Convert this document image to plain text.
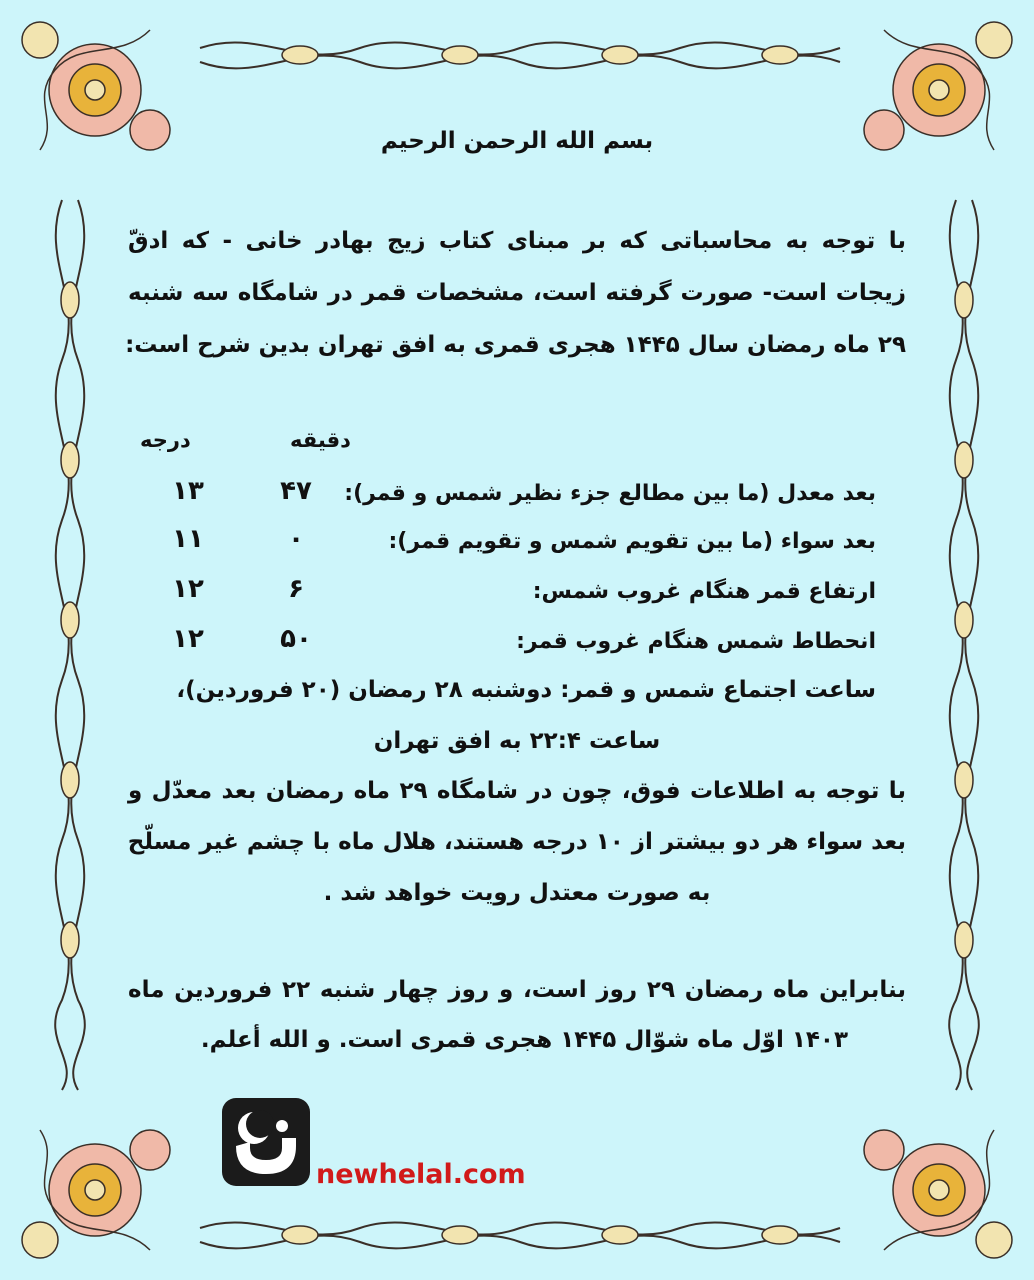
بسم الله الرحمن الرحیم
با توجه به محاسباتی که بر مبنای کتاب زیج بهادر خانی - که ادقّ
زیجات است- صورت گرفته است، مشخصات قمر در شامگاه سه شنبه
۲۹ ماه رمضان سال ۱۴۴۵ هجری قمری به افق تهران بدین شرح است:
درجه	دقیقه
بعد معدل (ما بین مطالع جزء نظیر شمس و قمر):
۴۷
۱۳
بعد سواء (ما بین تقویم شمس و تقویم قمر):
۰
۱۱
ارتفاع قمر هنگام غروب شمس:
۶
۱۲
انحطاط شمس هنگام غروب قمر:
۵۰
۱۲
ساعت اجتماع شمس و قمر: دوشنبه ۲۸ رمضان (۲۰ فروردین)،
ساعت ۲۲:۴ به افق تهران
با توجه به اطلاعات فوق، چون در شامگاه ۲۹ ماه رمضان بعد معدّل و
بعد سواء هر دو بیشتر از ۱۰ درجه هستند، هلال ماه با چشم غیر مسلّح
به صورت معتدل رویت خواهد شد .
بنابراین ماه رمضان ۲۹ روز است، و روز چهار شنبه ۲۲ فروردین ماه
۱۴۰۳ اوّل ماه شوّال ۱۴۴۵ هجری قمری است. و الله أعلم.
newhelal.com
